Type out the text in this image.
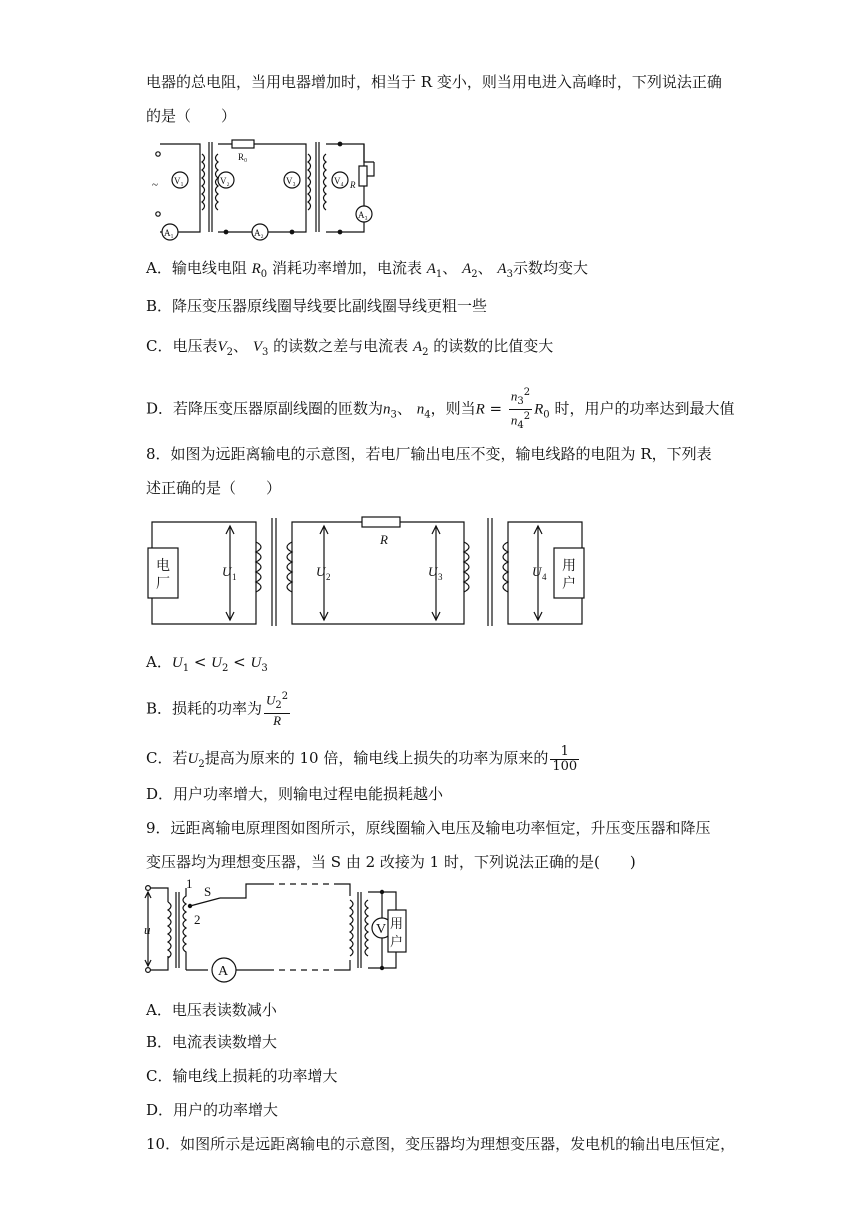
电器的总电阻，当用电器增加时，相当于 R 变小，则当用电进入高峰时，下列说法正确
的是（　　）
~ V₁
A₁
R₀
V₂	V₃
A₂
V₄ R
A₃
A．输电线电阻 $R_0$ 消耗功率增加，电流表 $A_1$、 $A_2$、 $A_3$示数均变大
B．降压变压器原线圈导线要比副线圈导线更粗一些
C．电压表$V_2$、 $V_3$ 的读数之差与电流表 $A_2$ 的读数的比值变大
D．若降压变压器原副线圈的匝数为$n_3$、 $n_4$，则当$R = \frac{n_3^2}{n_4^2} R_0$ 时，用户的功率达到最大值
8．如图为远距离输电的示意图，若电厂输出电压不变，输电线路的电阻为 R，下列表
述正确的是（　　）
电
厂
U 1
R
U 2	U 3
用
户
U 4
A．$U_1 < U_2 < U_3$
B．损耗的功率为 $\frac{U_2^2}{R}$
C．若$U_2$提高为原来的 10 倍，输电线上损失的功率为原来的 $\frac{1}{100}$
D．用户功率增大，则输电过程电能损耗越小
9．远距离输电原理图如图所示，原线圈输入电压及输电功率恒定，升压变压器和降压
变压器均为理想变压器，当 S 由 2 改接为 1 时，下列说法正确的是(　　)
u
1
2
S
A
V 用
户
A．电压表读数减小
B．电流表读数增大
C．输电线上损耗的功率增大
D．用户的功率增大
10．如图所示是远距离输电的示意图，变压器均为理想变压器，发电机的输出电压恒定，
